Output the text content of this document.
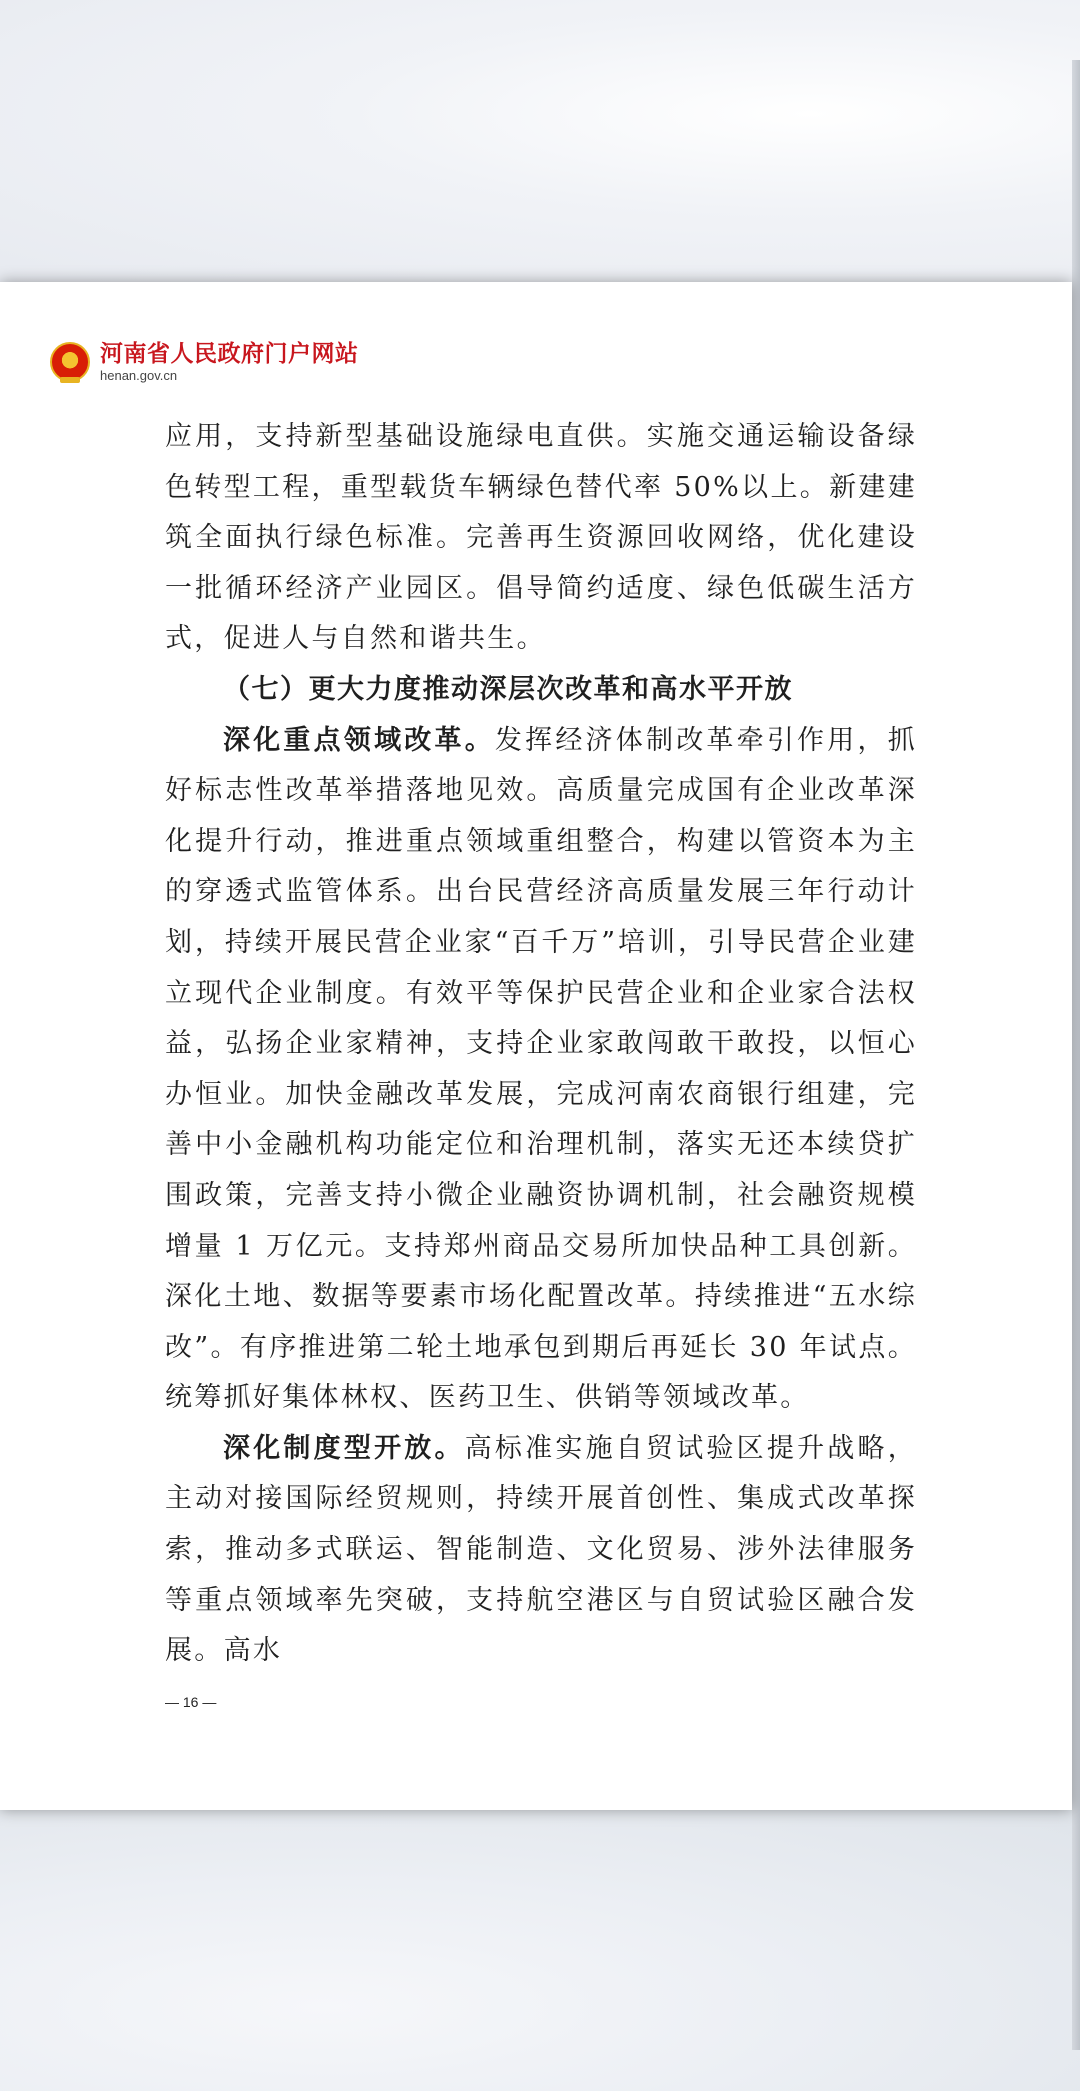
河南省人民政府门户网站
henan.gov.cn

应用，支持新型基础设施绿电直供。实施交通运输设备绿色转型工程，重型载货车辆绿色替代率 50%以上。新建建筑全面执行绿色标准。完善再生资源回收网络，优化建设一批循环经济产业园区。倡导简约适度、绿色低碳生活方式，促进人与自然和谐共生。

（七）更大力度推动深层次改革和高水平开放

深化重点领域改革。发挥经济体制改革牵引作用，抓好标志性改革举措落地见效。高质量完成国有企业改革深化提升行动，推进重点领域重组整合，构建以管资本为主的穿透式监管体系。出台民营经济高质量发展三年行动计划，持续开展民营企业家“百千万”培训，引导民营企业建立现代企业制度。有效平等保护民营企业和企业家合法权益，弘扬企业家精神，支持企业家敢闯敢干敢投，以恒心办恒业。加快金融改革发展，完成河南农商银行组建，完善中小金融机构功能定位和治理机制，落实无还本续贷扩围政策，完善支持小微企业融资协调机制，社会融资规模增量 1 万亿元。支持郑州商品交易所加快品种工具创新。深化土地、数据等要素市场化配置改革。持续推进“五水综改”。有序推进第二轮土地承包到期后再延长 30 年试点。统筹抓好集体林权、医药卫生、供销等领域改革。

深化制度型开放。高标准实施自贸试验区提升战略，主动对接国际经贸规则，持续开展首创性、集成式改革探索，推动多式联运、智能制造、文化贸易、涉外法律服务等重点领域率先突破，支持航空港区与自贸试验区融合发展。高水

— 16 —
